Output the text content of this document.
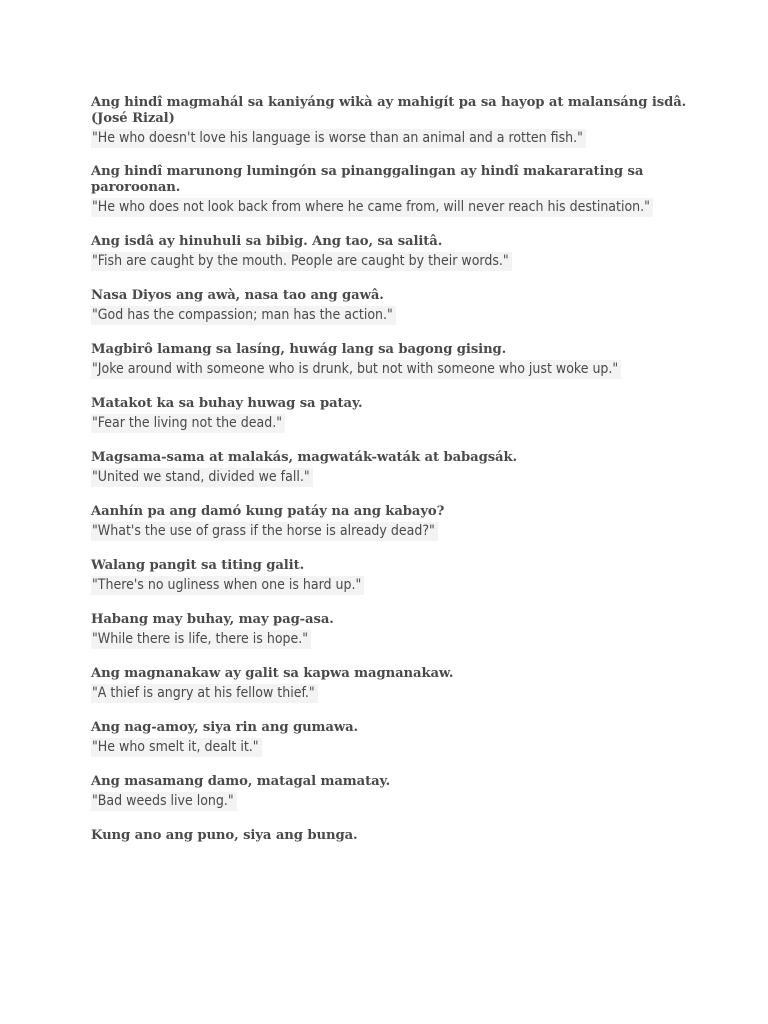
Ang hindî magmahál sa kaniyáng wikà ay mahigít pa sa hayop at malansáng isdâ. (José Rizal)

"He who doesn't love his language is worse than an animal and a rotten fish."

Ang hindî marunong lumingón sa pinanggalingan ay hindî makararating sa paroroonan.

"He who does not look back from where he came from, will never reach his destination."

Ang isdâ ay hinuhuli sa bibig. Ang tao, sa salitâ.

"Fish are caught by the mouth. People are caught by their words."

Nasa Diyos ang awà, nasa tao ang gawâ.

"God has the compassion; man has the action."

Magbirô lamang sa lasíng, huwág lang sa bagong gising.

"Joke around with someone who is drunk, but not with someone who just woke up."

Matakot ka sa buhay huwag sa patay.

"Fear the living not the dead."

Magsama-sama at malakás, magwaták-waták at babagsák.

"United we stand, divided we fall."

Aanhín pa ang damó kung patáy na ang kabayo?

"What's the use of grass if the horse is already dead?"

Walang pangit sa titing galit.

"There's no ugliness when one is hard up."

Habang may buhay, may pag-asa.

"While there is life, there is hope."

Ang magnanakaw ay galit sa kapwa magnanakaw.

"A thief is angry at his fellow thief."

Ang nag-amoy, siya rin ang gumawa.

"He who smelt it, dealt it."

Ang masamang damo, matagal mamatay.

"Bad weeds live long."

Kung ano ang puno, siya ang bunga.
